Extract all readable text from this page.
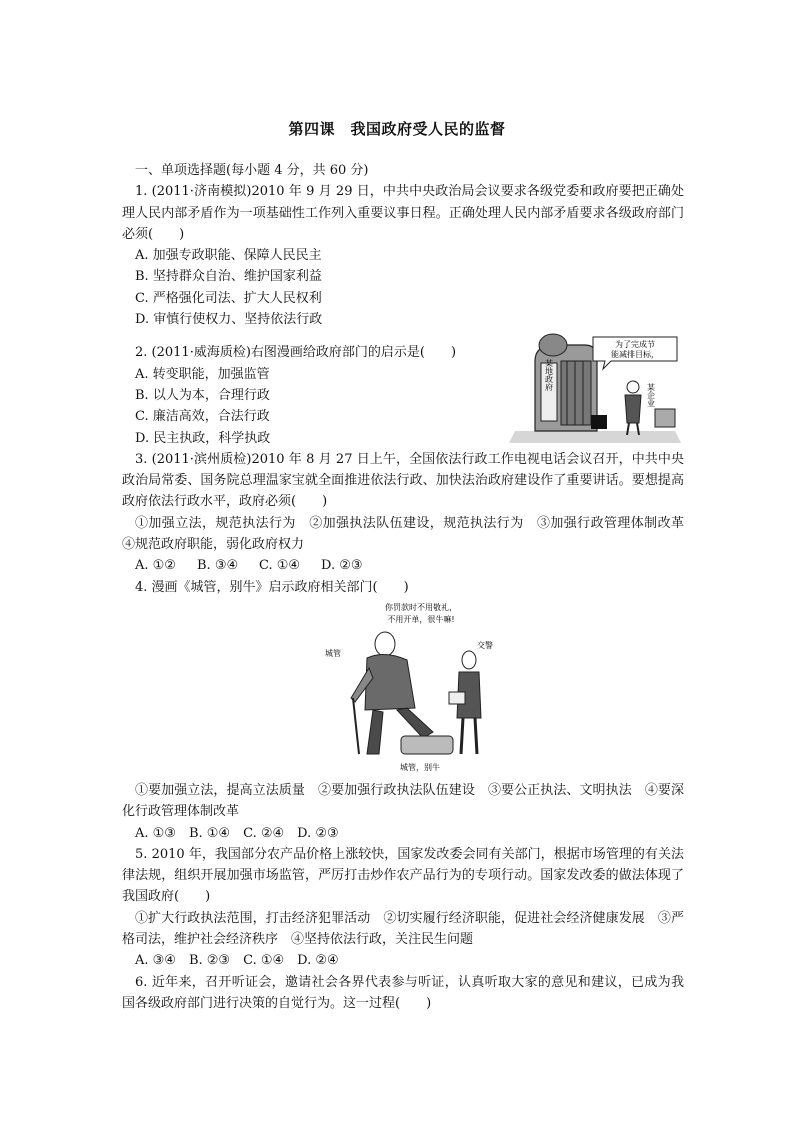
第四课　我国政府受人民的监督

一、单项选择题(每小题 4 分，共 60 分)

1. (2011·济南模拟)2010 年 9 月 29 日，中共中央政治局会议要求各级党委和政府要把正确处理人民内部矛盾作为一项基础性工作列入重要议事日程。正确处理人民内部矛盾要求各级政府部门必须(　　)

A. 加强专政职能、保障人民民主

B. 坚持群众自治、维护国家利益

C. 严格强化司法、扩大人民权利

D. 审慎行使权力、坚持依法行政

2. (2011·威海质检)右图漫画给政府部门的启示是(　　)

A. 转变职能，加强监管

B. 以人为本，合理行政

C. 廉洁高效，合法行政

D. 民主执政，科学执政

3. (2011·滨州质检)2010 年 8 月 27 日上午，全国依法行政工作电视电话会议召开，中共中央政治局常委、国务院总理温家宝就全面推进依法行政、加快法治政府建设作了重要讲话。要想提高政府依法行政水平，政府必须(　　)

①加强立法，规范执法行为　②加强执法队伍建设，规范执法行为　③加强行政管理体制改革　④规范政府职能，弱化政府权力

A. ①② B. ③④ C. ①④ D. ②③

4. 漫画《城管，别牛》启示政府相关部门(　　)

①要加强立法，提高立法质量　②要加强行政执法队伍建设　③要公正执法、文明执法　④要深化行政管理体制改革

A. ①③　B. ①④　C. ②④　D. ②③

5. 2010 年，我国部分农产品价格上涨较快，国家发改委会同有关部门，根据市场管理的有关法律法规，组织开展加强市场监管，严厉打击炒作农产品行为的专项行动。国家发改委的做法体现了我国政府(　　)

①扩大行政执法范围，打击经济犯罪活动　②切实履行经济职能，促进社会经济健康发展　③严格司法，维护社会经济秩序　④坚持依法行政，关注民生问题

A. ③④　B. ②③　C. ①④　D. ②④

6. 近年来，召开听证会，邀请社会各界代表参与听证，认真听取大家的意见和建议，已成为我国各级政府部门进行决策的自觉行为。这一过程(　　)

某地政府
为了完成节
能减排目标，
某企业
你罚款时不用敬礼，
不用开单，很牛嘛!
城管
交警
城管，别牛
